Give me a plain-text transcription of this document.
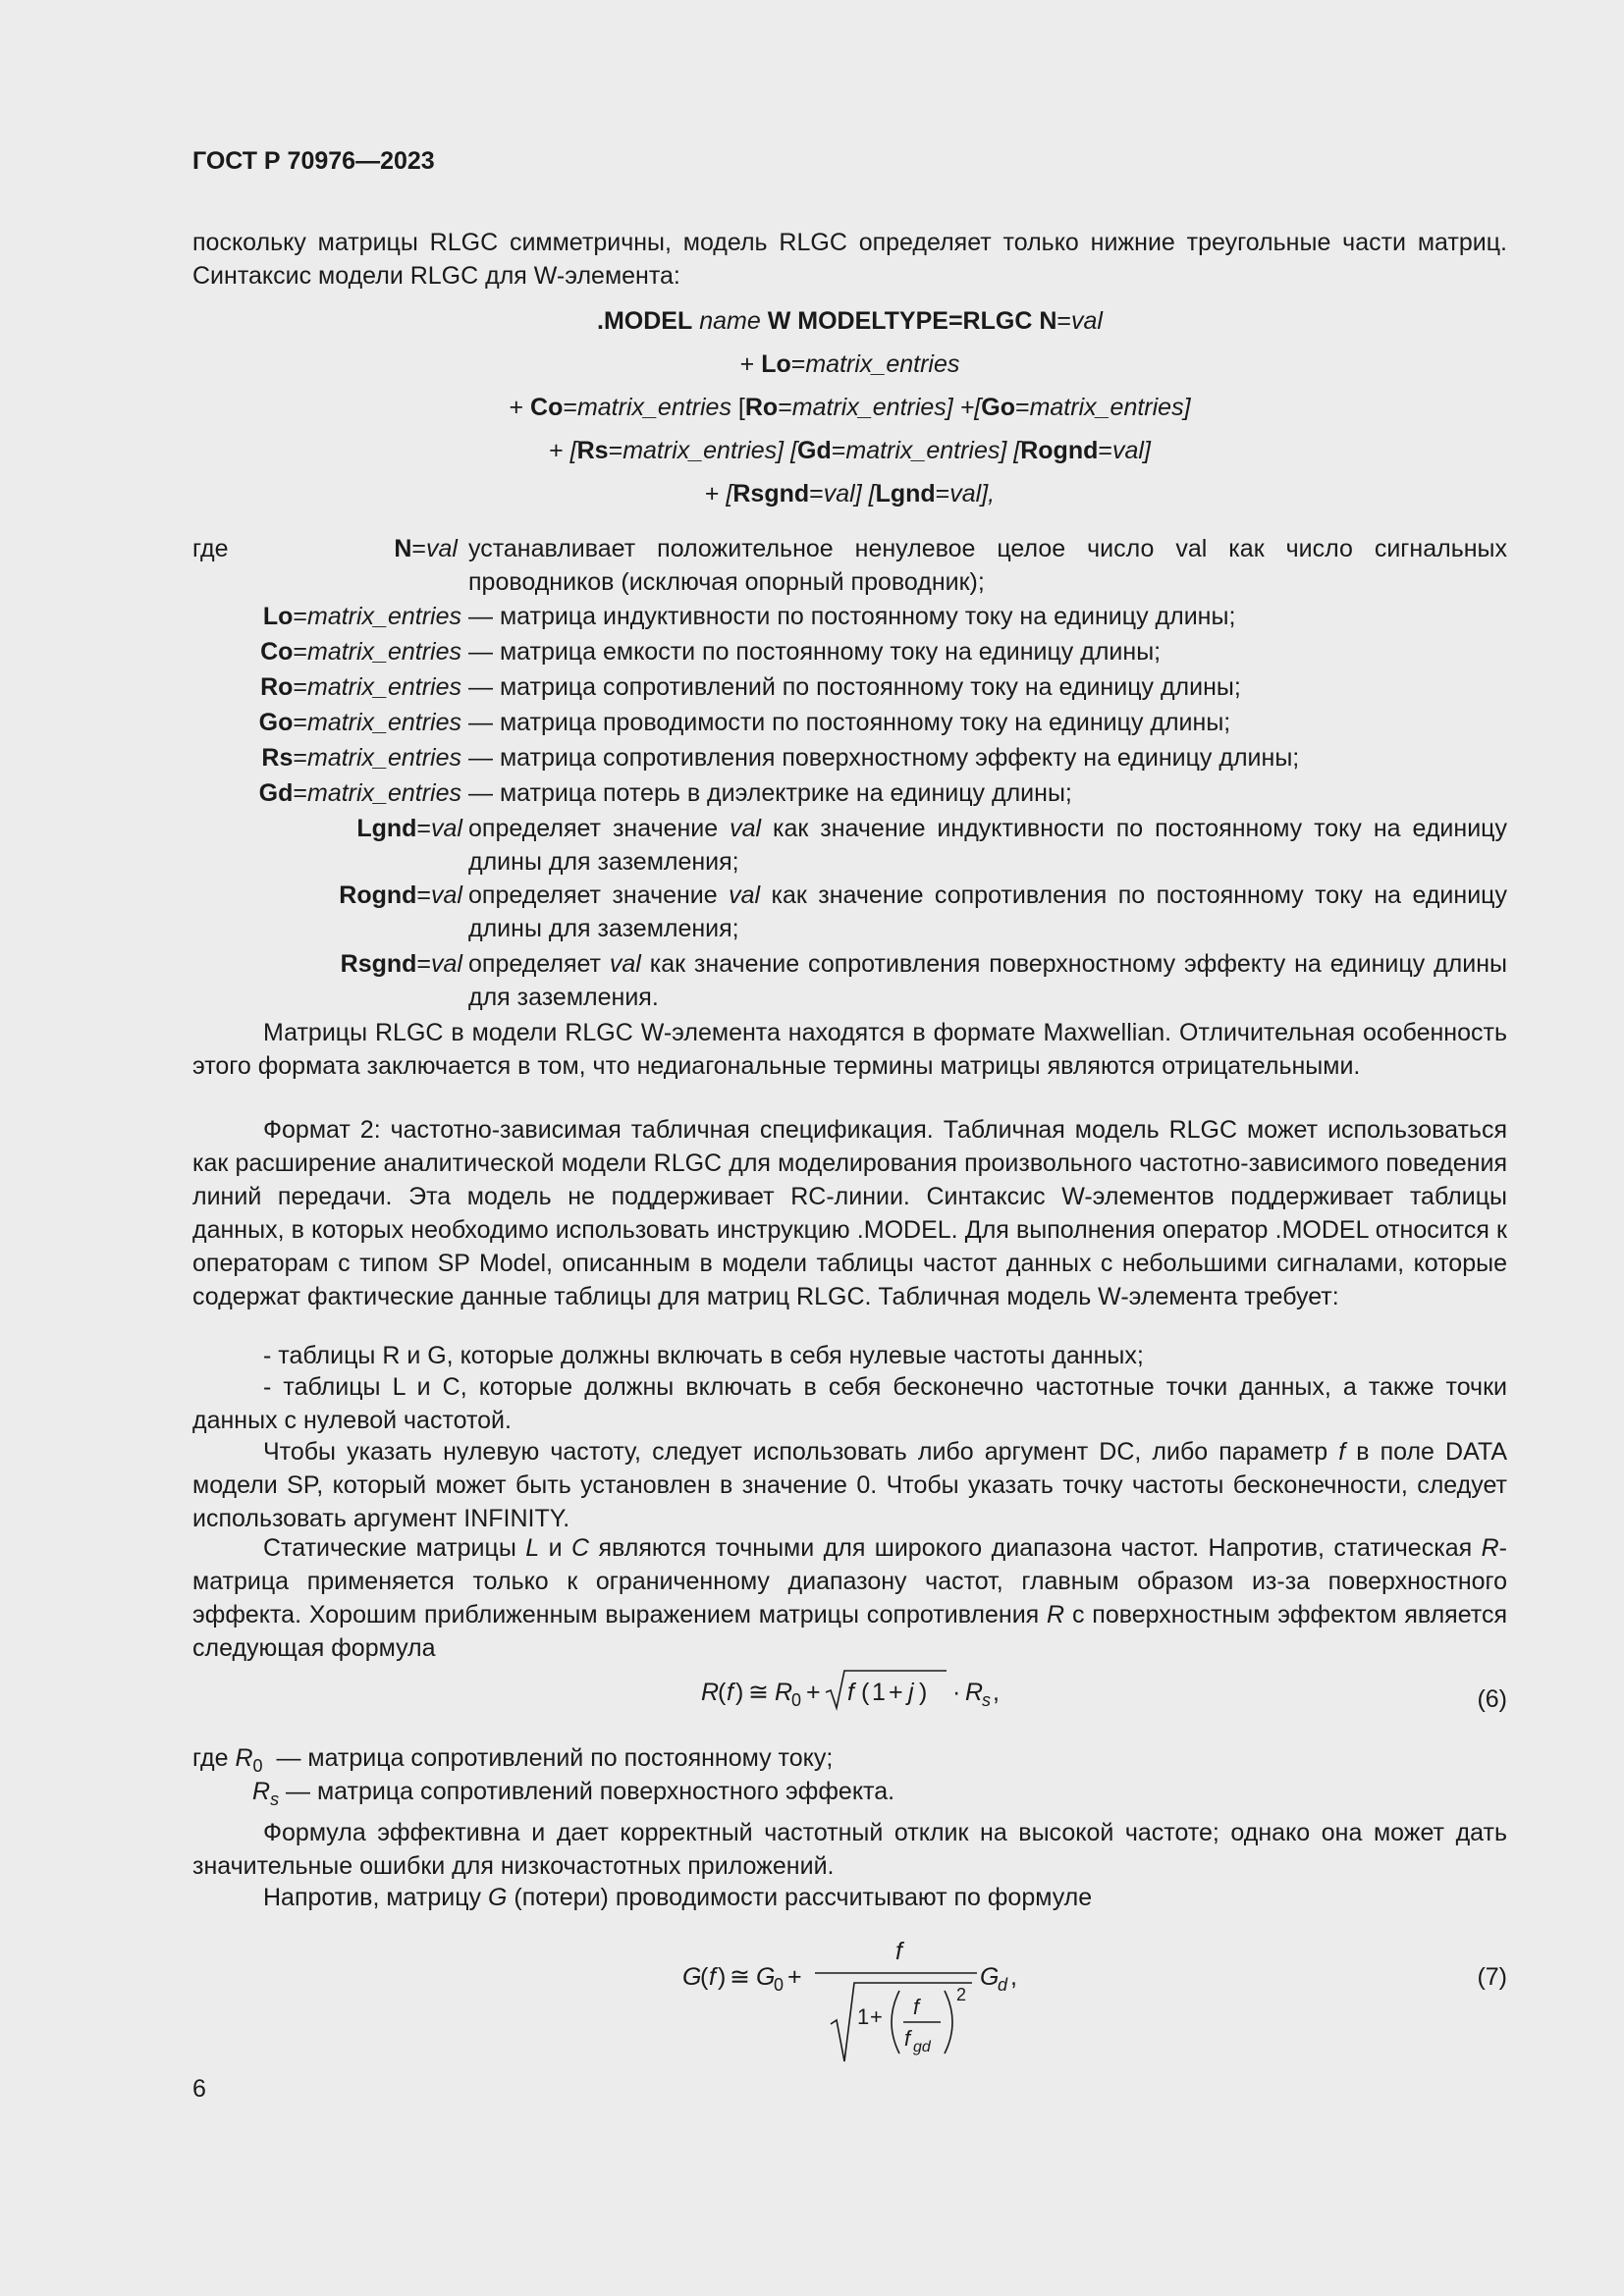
ГОСТ Р 70976—2023
поскольку матрицы RLGC симметричны, модель RLGC определяет только нижние треугольные части матриц. Синтаксис модели RLGC для W-элемента:
.MODEL name W MODELTYPE=RLGC N=val
+ Lo=matrix_entries
+ Co=matrix_entries [Ro=matrix_entries] +[Go=matrix_entries]
+ [Rs=matrix_entries] [Gd=matrix_entries] [Rognd=val]
+ [Rsgnd=val] [Lgnd=val],
где	N=val устанавливает положительное ненулевое целое число val как число сигнальных проводников (исключая опорный проводник);
Lo=matrix_entries — матрица индуктивности по постоянному току на единицу длины;
Co=matrix_entries — матрица емкости по постоянному току на единицу длины;
Ro=matrix_entries — матрица сопротивлений по постоянному току на единицу длины;
Go=matrix_entries — матрица проводимости по постоянному току на единицу длины;
Rs=matrix_entries — матрица сопротивления поверхностному эффекту на единицу длины;
Gd=matrix_entries — матрица потерь в диэлектрике на единицу длины;
Lgnd=val определяет значение val как значение индуктивности по постоянному току на единицу длины для заземления;
Rognd=val определяет значение val как значение сопротивления по постоянному току на единицу длины для заземления;
Rsgnd=val определяет val как значение сопротивления поверхностному эффекту на единицу длины для заземления.
Матрицы RLGC в модели RLGC W-элемента находятся в формате Maxwellian. Отличительная особенность этого формата заключается в том, что недиагональные термины матрицы являются отрицательными.
Формат 2: частотно-зависимая табличная спецификация. Табличная модель RLGC может использоваться как расширение аналитической модели RLGC для моделирования произвольного частотно-зависимого поведения линий передачи. Эта модель не поддерживает RC-линии. Синтаксис W-элементов поддерживает таблицы данных, в которых необходимо использовать инструкцию .MODEL. Для выполнения оператор .MODEL относится к операторам с типом SP Model, описанным в модели таблицы частот данных с небольшими сигналами, которые содержат фактические данные таблицы для матриц RLGC. Табличная модель W-элемента требует:
- таблицы R и G, которые должны включать в себя нулевые частоты данных;
- таблицы L и C, которые должны включать в себя бесконечно частотные точки данных, а также точки данных с нулевой частотой.
Чтобы указать нулевую частоту, следует использовать либо аргумент DC, либо параметр f в поле DATA модели SP, который может быть установлен в значение 0. Чтобы указать точку частоты бесконечности, следует использовать аргумент INFINITY.
Статические матрицы L и C являются точными для широкого диапазона частот. Напротив, статическая R-матрица применяется только к ограниченному диапазону частот, главным образом из-за поверхностного эффекта. Хорошим приближенным выражением матрицы сопротивления R с поверхностным эффектом является следующая формула
R
( f ) ≅ R
0 + f ( 1 + j ) · R
s ,	(6)
где $R_0$ — матрица сопротивлений по постоянному току;
$R_s$ — матрица сопротивлений поверхностного эффекта.
Формула эффективна и дает корректный частотный отклик на высокой частоте; однако она может дать значительные ошибки для низкочастотных приложений.
Напротив, матрицу G (потери) проводимости рассчитывают по формуле
G
( f ) ≅ G
0 +
f
1 + f
f gd
2
G
d ,	(7)
6
